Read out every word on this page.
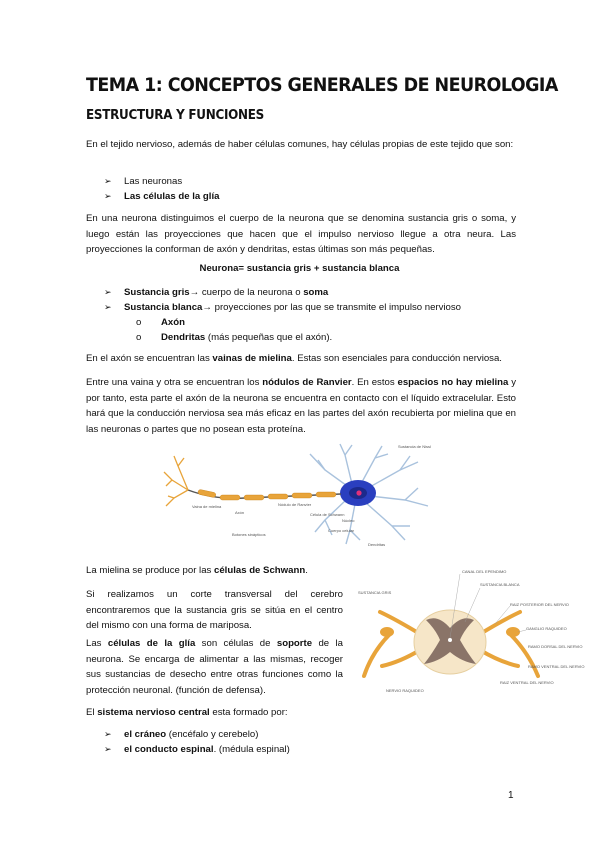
TEMA 1: CONCEPTOS GENERALES DE NEUROLOGIA
ESTRUCTURA Y FUNCIONES
En el tejido nervioso, además de haber células comunes, hay células propias de este tejido que son:
➢ Las neuronas
➢ Las células de la glía
En una neurona distinguimos el cuerpo de la neurona que se denomina sustancia gris o soma, y luego están las proyecciones que hacen que el impulso nervioso llegue a otra neura. Las proyecciones la conforman de axón y dendritas, estas últimas son más pequeñas.
Neurona= sustancia gris + sustancia blanca
➢ Sustancia gris→ cuerpo de la neurona o soma
➢ Sustancia blanca→ proyecciones por las que se transmite el impulso nervioso
o Axón
o Dendritas (más pequeñas que el axón).
En el axón se encuentran las vainas de mielina. Estas son esenciales para conducción nerviosa.
Entre una vaina y otra se encuentran los nódulos de Ranvier. En estos espacios no hay mielina y por tanto, esta parte el axón de la neurona se encuentra en contacto con el líquido extracelular. Esto hará que la conducción nerviosa sea más eficaz en las partes del axón recubierta por mielina que en las neuronas o partes que no posean esta proteína.
Sustancia de Nissl
Vaina de mielina
Axón
Nódulo de Ranvier
Célula de Schwann
Núcleo
Cuerpo celular
Botones sinápticos
Dendritas
La mielina se produce por las células de Schwann.
Si realizamos un corte transversal del cerebro encontraremos que la sustancia gris se sitúa en el centro del mismo con una forma de mariposa.
Las células de la glía son células de soporte de la neurona. Se encarga de alimentar a las mismas, recoger sus sustancias de desecho entre otras funciones como la protección neuronal. (función de defensa).
El sistema nervioso central esta formado por:
➢ el cráneo (encéfalo y cerebelo)
➢ el conducto espinal. (médula espinal)
CANAL DEL EPENDIMO
SUSTANCIA BLANCA
RAIZ POSTERIOR DEL NERVIO
SUSTANCIA GRIS
GANGLIO RAQUIDEO
RAMO DORSAL DEL NERVIO
RAMO VENTRAL DEL NERVIO
RAIZ VENTRAL DEL NERVIO
NERVIO RAQUIDEO
1
